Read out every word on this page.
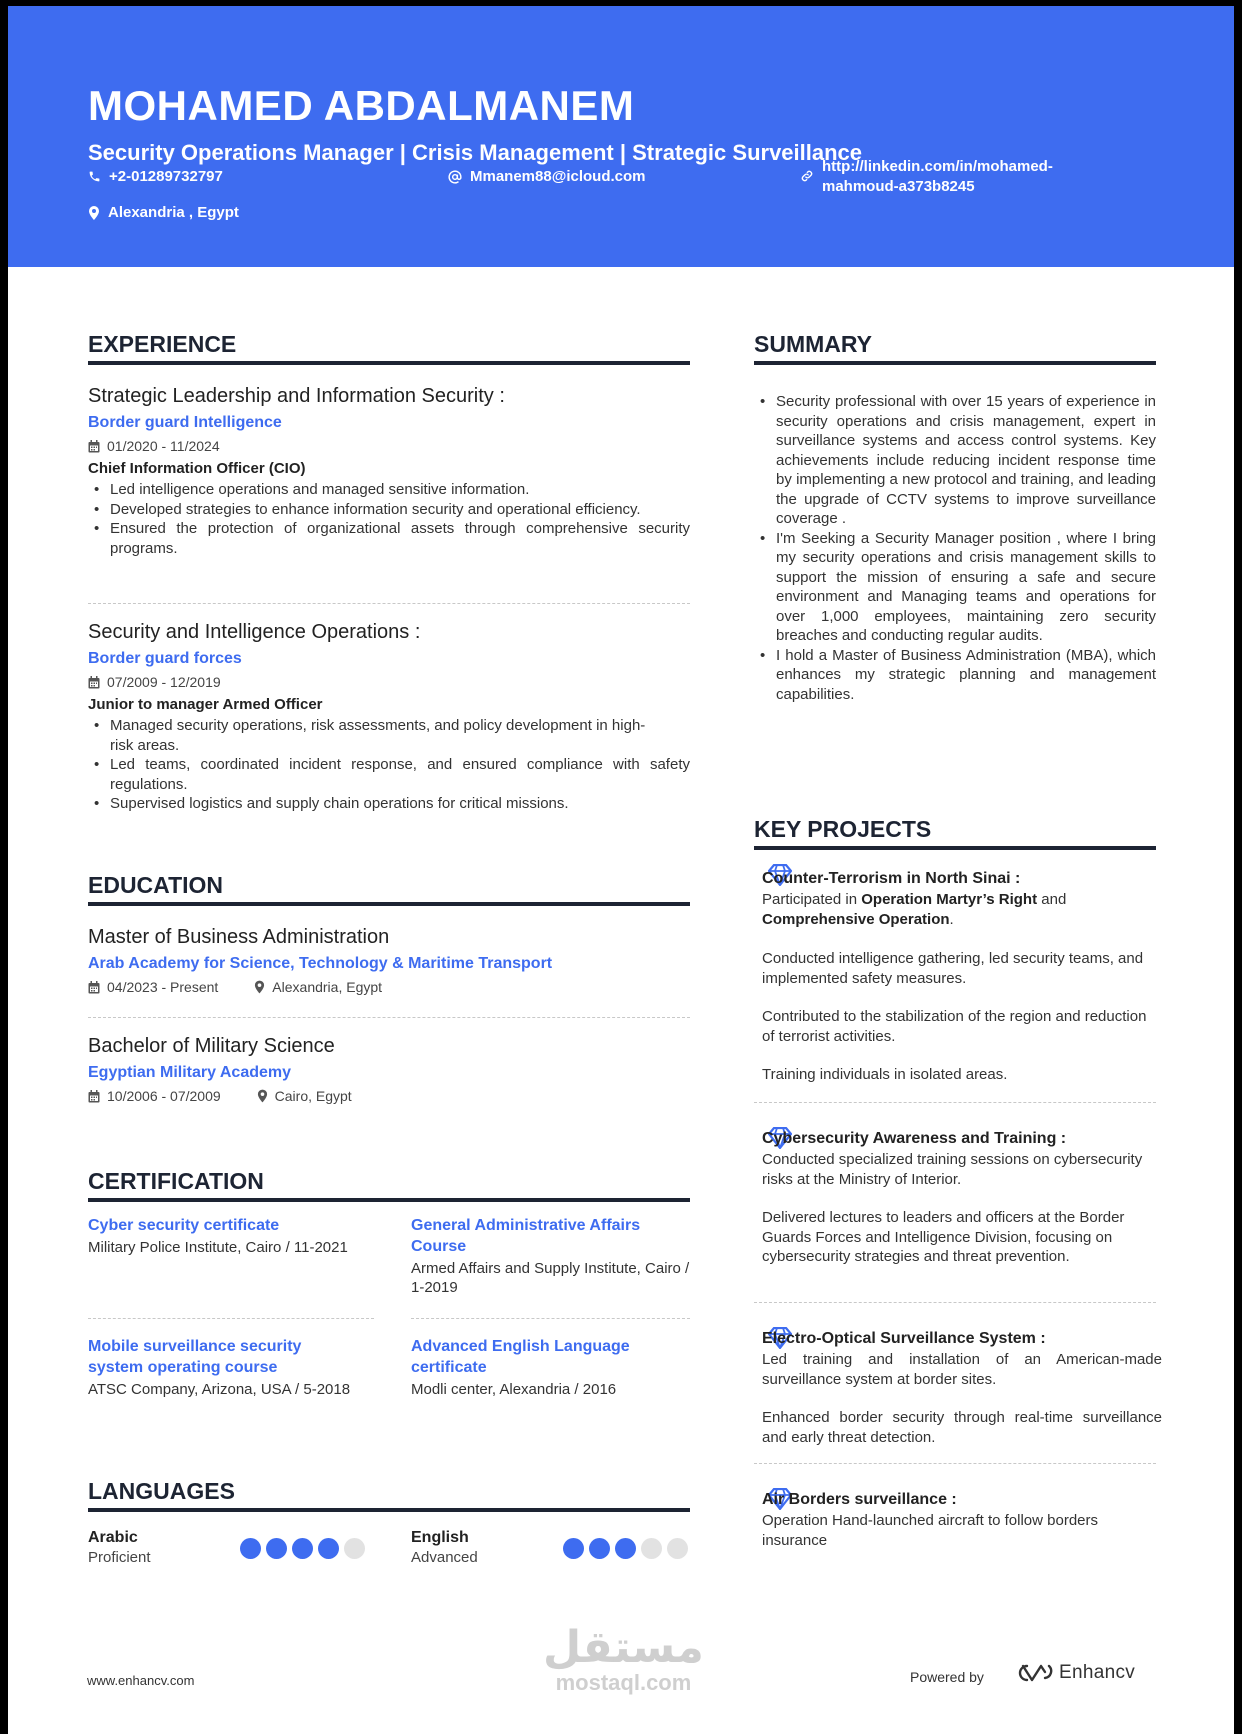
MOHAMED ABDALMANEM
Security Operations Manager | Crisis Management | Strategic Surveillance
+2-01289732797	Mmanem88@icloud.com
http://linkedin.com/in/mohamed-
mahmoud-a373b8245
Alexandria , Egypt
EXPERIENCE
Strategic Leadership and Information Security :
Border guard Intelligence
01/2020 - 11/2024
Chief Information Officer (CIO)
• Led intelligence operations and managed sensitive information.
• Developed strategies to enhance information security and operational efficiency.
• Ensured the protection of organizational assets through comprehensive security programs.
Security and Intelligence Operations :
Border guard forces
07/2009 - 12/2019
Junior to manager Armed Officer
• Managed security operations, risk assessments, and policy development in high-risk areas.
• Led teams, coordinated incident response, and ensured compliance with safety regulations.
• Supervised logistics and supply chain operations for critical missions.
EDUCATION
Master of Business Administration
Arab Academy for Science, Technology & Maritime Transport
04/2023 - Present	Alexandria, Egypt
Bachelor of Military Science
Egyptian Military Academy
10/2006 - 07/2009	Cairo, Egypt
CERTIFICATION
Cyber security certificate
Military Police Institute, Cairo / 11-2021
General Administrative Affairs Course
Armed Affairs and Supply Institute, Cairo / 1-2019
Mobile surveillance security system operating course
ATSC Company, Arizona, USA / 5-2018
Advanced English Language certificate
Modli center, Alexandria / 2016
LANGUAGES
Arabic
Proficient
English
Advanced
SUMMARY
• Security professional with over 15 years of experience in security operations and crisis management, expert in surveillance systems and access control systems. Key achievements include reducing incident response time by implementing a new protocol and training, and leading the upgrade of CCTV systems to improve surveillance coverage .
• I'm Seeking a Security Manager position , where I bring my security operations and crisis management skills to support the mission of ensuring a safe and secure environment and Managing teams and operations for over 1,000 employees, maintaining zero security breaches and conducting regular audits.
• I hold a Master of Business Administration (MBA), which enhances my strategic planning and management capabilities.
KEY PROJECTS
Counter-Terrorism in North Sinai :
Participated in Operation Martyr’s Right and Comprehensive Operation.
Conducted intelligence gathering, led security teams, and implemented safety measures.
Contributed to the stabilization of the region and reduction of terrorist activities.
Training individuals in isolated areas.
Cybersecurity Awareness and Training :
Conducted specialized training sessions on cybersecurity risks at the Ministry of Interior.
Delivered lectures to leaders and officers at the Border Guards Forces and Intelligence Division, focusing on cybersecurity strategies and threat prevention.
Electro-Optical Surveillance System :
Led training and installation of an American-made surveillance system at border sites.
Enhanced border security through real-time surveillance and early threat detection.
Air Borders surveillance :
Operation Hand-launched aircraft to follow borders insurance
www.enhancv.com
مستقل
mostaql.com	Powered by	Enhancv
